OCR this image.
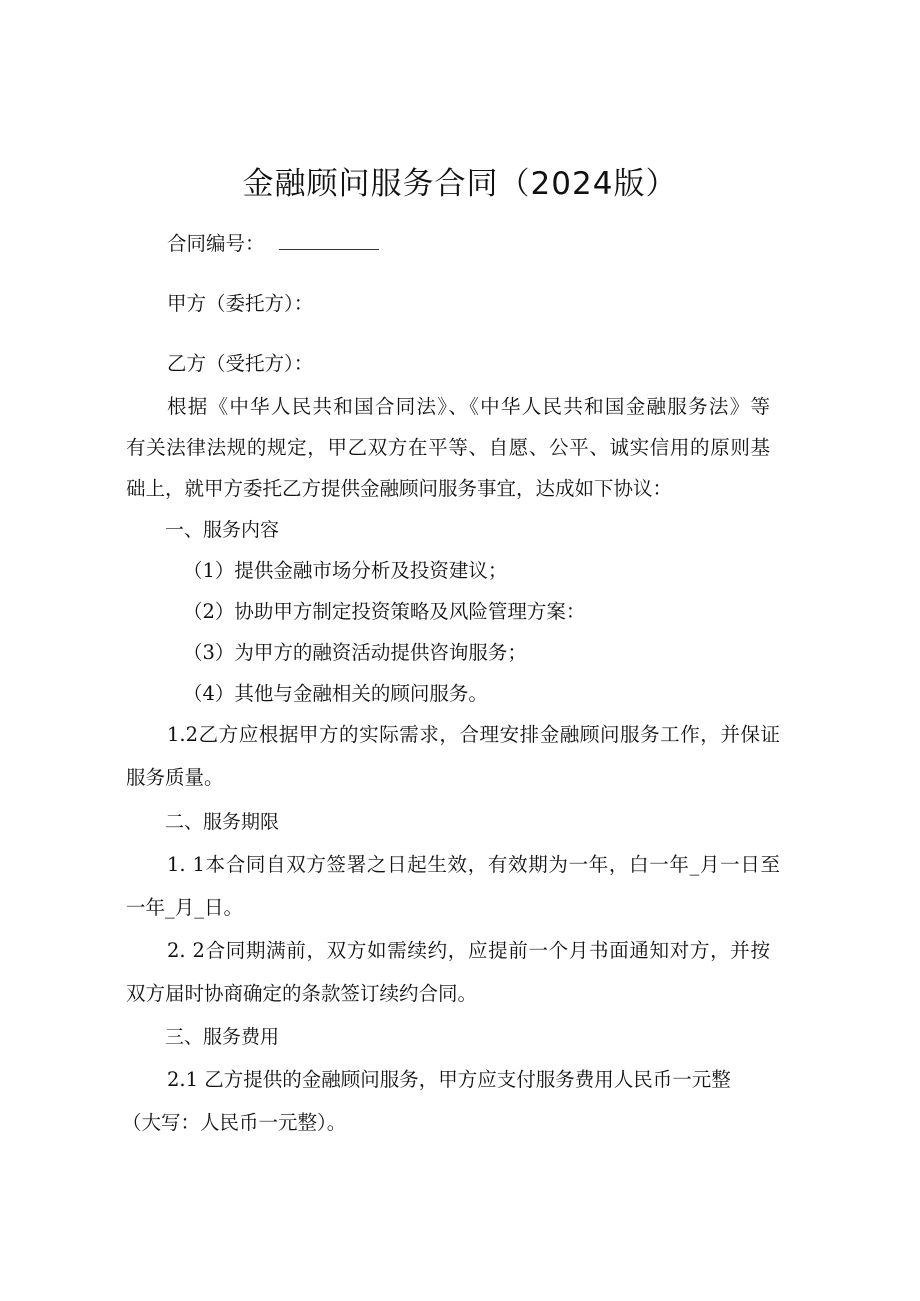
金融顾问服务合同（2024版）
合同编号：
甲方（委托方）：
乙方（受托方）：
根据《中华人民共和国合同法》、《中华人民共和国金融服务法》等
有关法律法规的规定，甲乙双方在平等、自愿、公平、诚实信用的原则基
础上，就甲方委托乙方提供金融顾问服务事宜，达成如下协议：
一、服务内容
（1）提供金融市场分析及投资建议；
（2）协助甲方制定投资策略及风险管理方案：
（3）为甲方的融资活动提供咨询服务；
（4）其他与金融相关的顾问服务。
1.2乙方应根据甲方的实际需求，合理安排金融顾问服务工作，并保证
服务质量。
二、服务期限
1. 1本合同自双方签署之日起生效，有效期为一年，白一年_月一日至
一年_月_日。
2. 2合同期满前，双方如需续约，应提前一个月书面通知对方，并按
双方届时协商确定的条款签订续约合同。
三、服务费用
2.1 乙方提供的金融顾问服务，甲方应支付服务费用人民币一元整
（大写：人民币一元整）。
